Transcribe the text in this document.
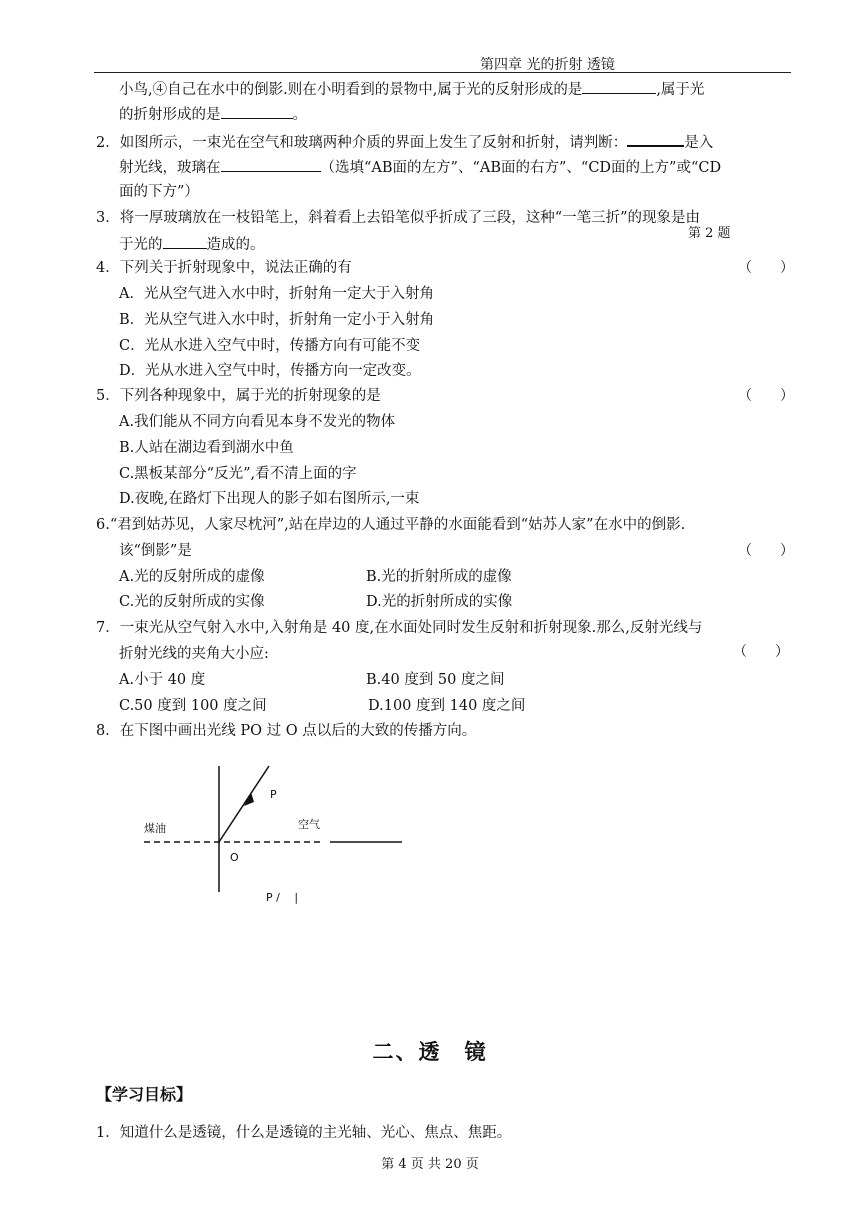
第四章 光的折射 透镜
小鸟,④自己在水中的倒影.则在小明看到的景物中,属于光的反射形成的是	,属于光
的折射形成的是	。
2．如图所示，一束光在空气和玻璃两种介质的界面上发生了反射和折射，请判断：	是入
射光线，玻璃在	（选填“AB面的左方”、“AB面的右方”、“CD面的上方”或“CD
面的下方”）
3．将一厚玻璃放在一枝铅笔上，斜着看上去铅笔似乎折成了三段，这种“一笔三折”的现象是由
第 2 题
于光的	造成的。
4．下列关于折射现象中，说法正确的有	（　　）
A．光从空气进入水中时，折射角一定大于入射角
B．光从空气进入水中时，折射角一定小于入射角
C．光从水进入空气中时，传播方向有可能不变
D．光从水进入空气中时，传播方向一定改变。
5．下列各种现象中，属于光的折射现象的是	（　　）
A.我们能从不同方向看见本身不发光的物体
B.人站在湖边看到湖水中鱼
C.黑板某部分“反光”,看不清上面的字
D.夜晚,在路灯下出现人的影子如右图所示,一束
6.“君到姑苏见，人家尽枕河”,站在岸边的人通过平静的水面能看到“姑苏人家”在水中的倒影.
该“倒影”是	（　　）
A.光的反射所成的虚像	B.光的折射所成的虚像
C.光的反射所成的实像	D.光的折射所成的实像
7．一束光从空气射入水中,入射角是 40 度,在水面处同时发生反射和折射现象.那么,反射光线与
折射光线的夹角大小应:	（　　）
A.小于 40 度	B.40 度到 50 度之间
C.50 度到 100 度之间	D.100 度到 140 度之间
8．在下图中画出光线 PO 过 O 点以后的大致的传播方向。
P
煤油	空气
O
P /　 |
二、透　镜
【学习目标】
1．知道什么是透镜，什么是透镜的主光轴、光心、焦点、焦距。
第 4 页 共 20 页
